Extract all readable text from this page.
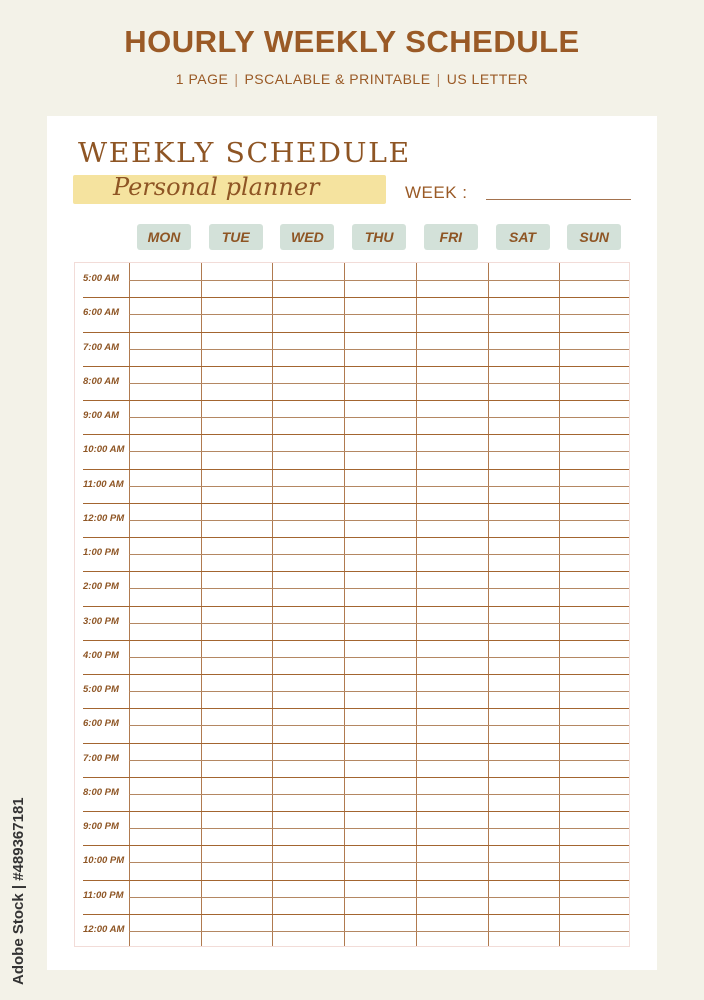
HOURLY WEEKLY SCHEDULE
1 PAGE | PSCALABLE & PRINTABLE | US LETTER
WEEKLY SCHEDULE
Personal planner	WEEK :
MON	TUE	WED	THU	FRI	SAT	SUN
5:00 AM
6:00 AM
7:00 AM
8:00 AM
9:00 AM
10:00 AM
11:00 AM
12:00 PM
1:00 PM
2:00 PM
3:00 PM
4:00 PM
5:00 PM
6:00 PM
7:00 PM
8:00 PM
9:00 PM
10:00 PM
11:00 PM
12:00 AM
Adobe Stock | #489367181
